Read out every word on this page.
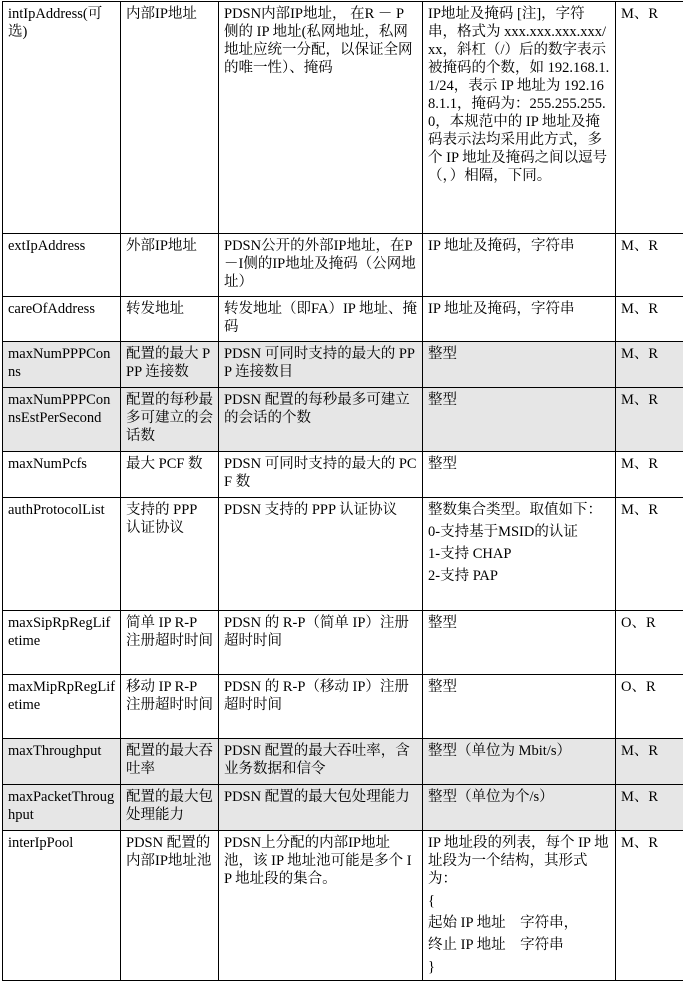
intIpAddress(可选)	内部IP地址	PDSN内部IP地址， 在R － P 侧的 IP 地址(私网地址，私网地址应统一分配，以保证全网的唯一性）、掩码	IP地址及掩码 [注]，字符串，格式为 xxx.xxx.xxx.xxx/xx，斜杠（/）后的数字表示被掩码的个数，如 192.168.1.1/24，表示 IP 地址为 192.168.1.1，掩码为：255.255.255.0，本规范中的 IP 地址及掩码表示法均采用此方式，多个 IP 地址及掩码之间以逗号（，）相隔，下同。	M、R
extIpAddress	外部IP地址	PDSN公开的外部IP地址，在P－I侧的IP地址及掩码（公网地址）	IP 地址及掩码，字符串	M、R
careOfAddress	转发地址	转发地址（即FA）IP 地址、掩码	IP 地址及掩码，字符串	M、R
maxNumPPPConns	配置的最大 PPP 连接数	PDSN 可同时支持的最大的 PPP 连接数目	整型	M、R
maxNumPPPConnsEstPerSecond	配置的每秒最多可建立的会话数	PDSN 配置的每秒最多可建立的会话的个数	整型	M、R
maxNumPcfs	最大 PCF 数	PDSN 可同时支持的最大的 PCF 数	整型	M、R
authProtocolList	支持的 PPP 认证协议	PDSN 支持的 PPP 认证协议	整数集合类型。取值如下：
0-支持基于MSID的认证
1-支持 CHAP
2-支持 PAP	M、R
maxSipRpRegLifetime	简单 IP R-P 注册超时时间	PDSN 的 R-P（简单 IP）注册超时时间	整型	O、R
maxMipRpRegLifetime	移动 IP R-P 注册超时时间	PDSN 的 R-P（移动 IP）注册超时时间	整型	O、R
maxThroughput	配置的最大吞吐率	PDSN 配置的最大吞吐率，含业务数据和信令	整型（单位为 Mbit/s）	M、R
maxPacketThroughput	配置的最大包处理能力	PDSN 配置的最大包处理能力	整型（单位为个/s）	M、R
interIpPool	PDSN 配置的内部IP地址池	PDSN上分配的内部IP地址池，该 IP 地址池可能是多个 IP 地址段的集合。	IP 地址段的列表，每个 IP 地址段为一个结构，其形式为：
{
起始 IP 地址　字符串，
终止 IP 地址　字符串
}	M、R
